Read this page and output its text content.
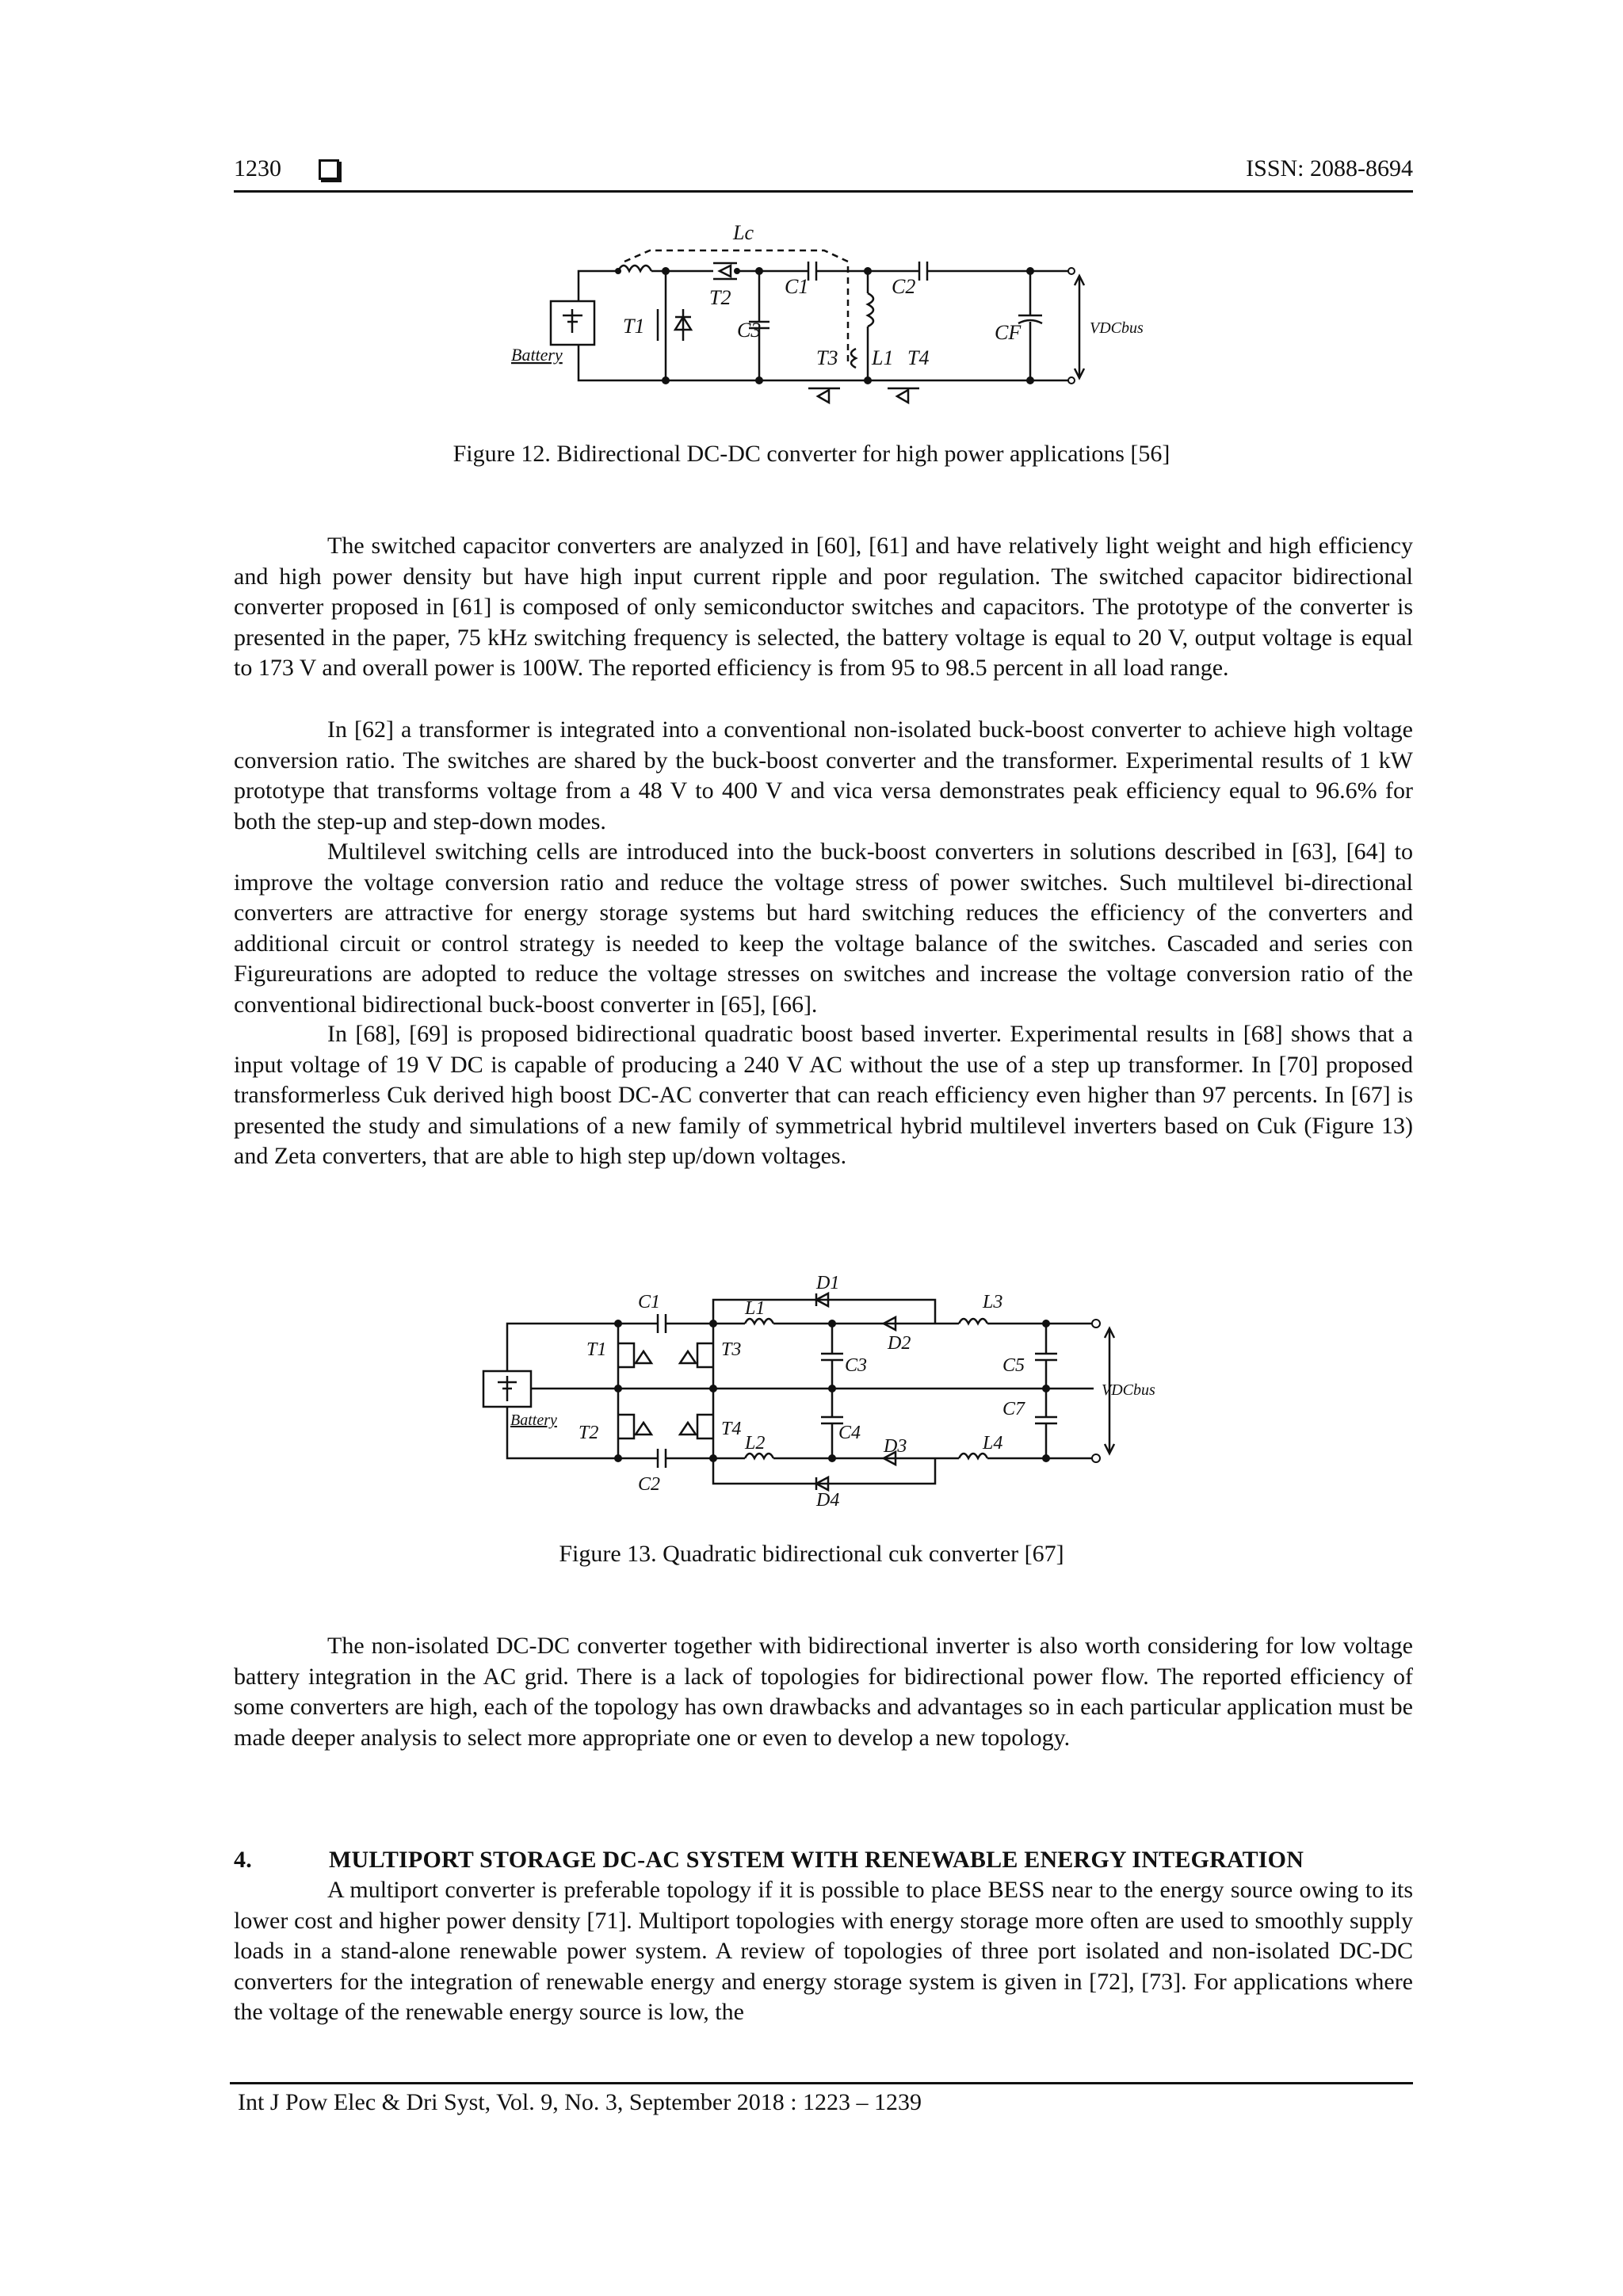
1230	ISSN: 2088-8694
Lc
T1
T2
T3	T4
C1	C2
C3	CF
L1
VDCbus
Battery
Figure 12. Bidirectional DC-DC converter for high power applications [56]

The switched capacitor converters are analyzed in [60], [61] and have relatively light weight and high efficiency and high power density but have high input current ripple and poor regulation. The switched capacitor bidirectional converter proposed in [61] is composed of only semiconductor switches and capacitors. The prototype of the converter is presented in the paper, 75 kHz switching frequency is selected, the battery voltage is equal to 20 V, output voltage is equal to 173 V and overall power is 100W. The reported efficiency is from 95 to 98.5 percent in all load range.

In [62] a transformer is integrated into a conventional non-isolated buck-boost converter to achieve high voltage conversion ratio. The switches are shared by the buck-boost converter and the transformer. Experimental results of 1 kW prototype that transforms voltage from a 48 V to 400 V and vica versa demonstrates peak efficiency equal to 96.6% for both the step-up and step-down modes.

Multilevel switching cells are introduced into the buck-boost converters in solutions described in [63], [64] to improve the voltage conversion ratio and reduce the voltage stress of power switches. Such multilevel bi-directional converters are attractive for energy storage systems but hard switching reduces the efficiency of the converters and additional circuit or control strategy is needed to keep the voltage balance of the switches. Cascaded and series con Figureurations are adopted to reduce the voltage stresses on switches and increase the voltage conversion ratio of the conventional bidirectional buck-boost converter in [65], [66].

In [68], [69] is proposed bidirectional quadratic boost based inverter. Experimental results in [68] shows that a input voltage of 19 V DC is capable of producing a 240 V AC without the use of a step up transformer. In [70] proposed transformerless Cuk derived high boost DC-AC converter that can reach efficiency even higher than 97 percents. In [67] is presented the study and simulations of a new family of symmetrical hybrid multilevel inverters based on Cuk (Figure 13) and Zeta converters, that are able to high step up/down voltages.

D1
D2
D3
D4
C1
C2
C3
C4
C5
C7
L1
L2
L3
L4
T1
T2
T3
T4
VDCbus
Battery
Figure 13. Quadratic bidirectional cuk converter [67]

The non-isolated DC-DC converter together with bidirectional inverter is also worth considering for low voltage battery integration in the AC grid. There is a lack of topologies for bidirectional power flow. The reported efficiency of some converters are high, each of the topology has own drawbacks and advantages so in each particular application must be made deeper analysis to select more appropriate one or even to develop a new topology.

4.	MULTIPORT STORAGE DC-AC SYSTEM WITH RENEWABLE ENERGY INTEGRATION

A multiport converter is preferable topology if it is possible to place BESS near to the energy source owing to its lower cost and higher power density [71]. Multiport topologies with energy storage more often are used to smoothly supply loads in a stand-alone renewable power system. A review of topologies of three port isolated and non-isolated DC-DC converters for the integration of renewable energy and energy storage system is given in [72], [73]. For applications where the voltage of the renewable energy source is low, the

Int J Pow Elec & Dri Syst, Vol. 9, No. 3, September 2018 : 1223 – 1239
